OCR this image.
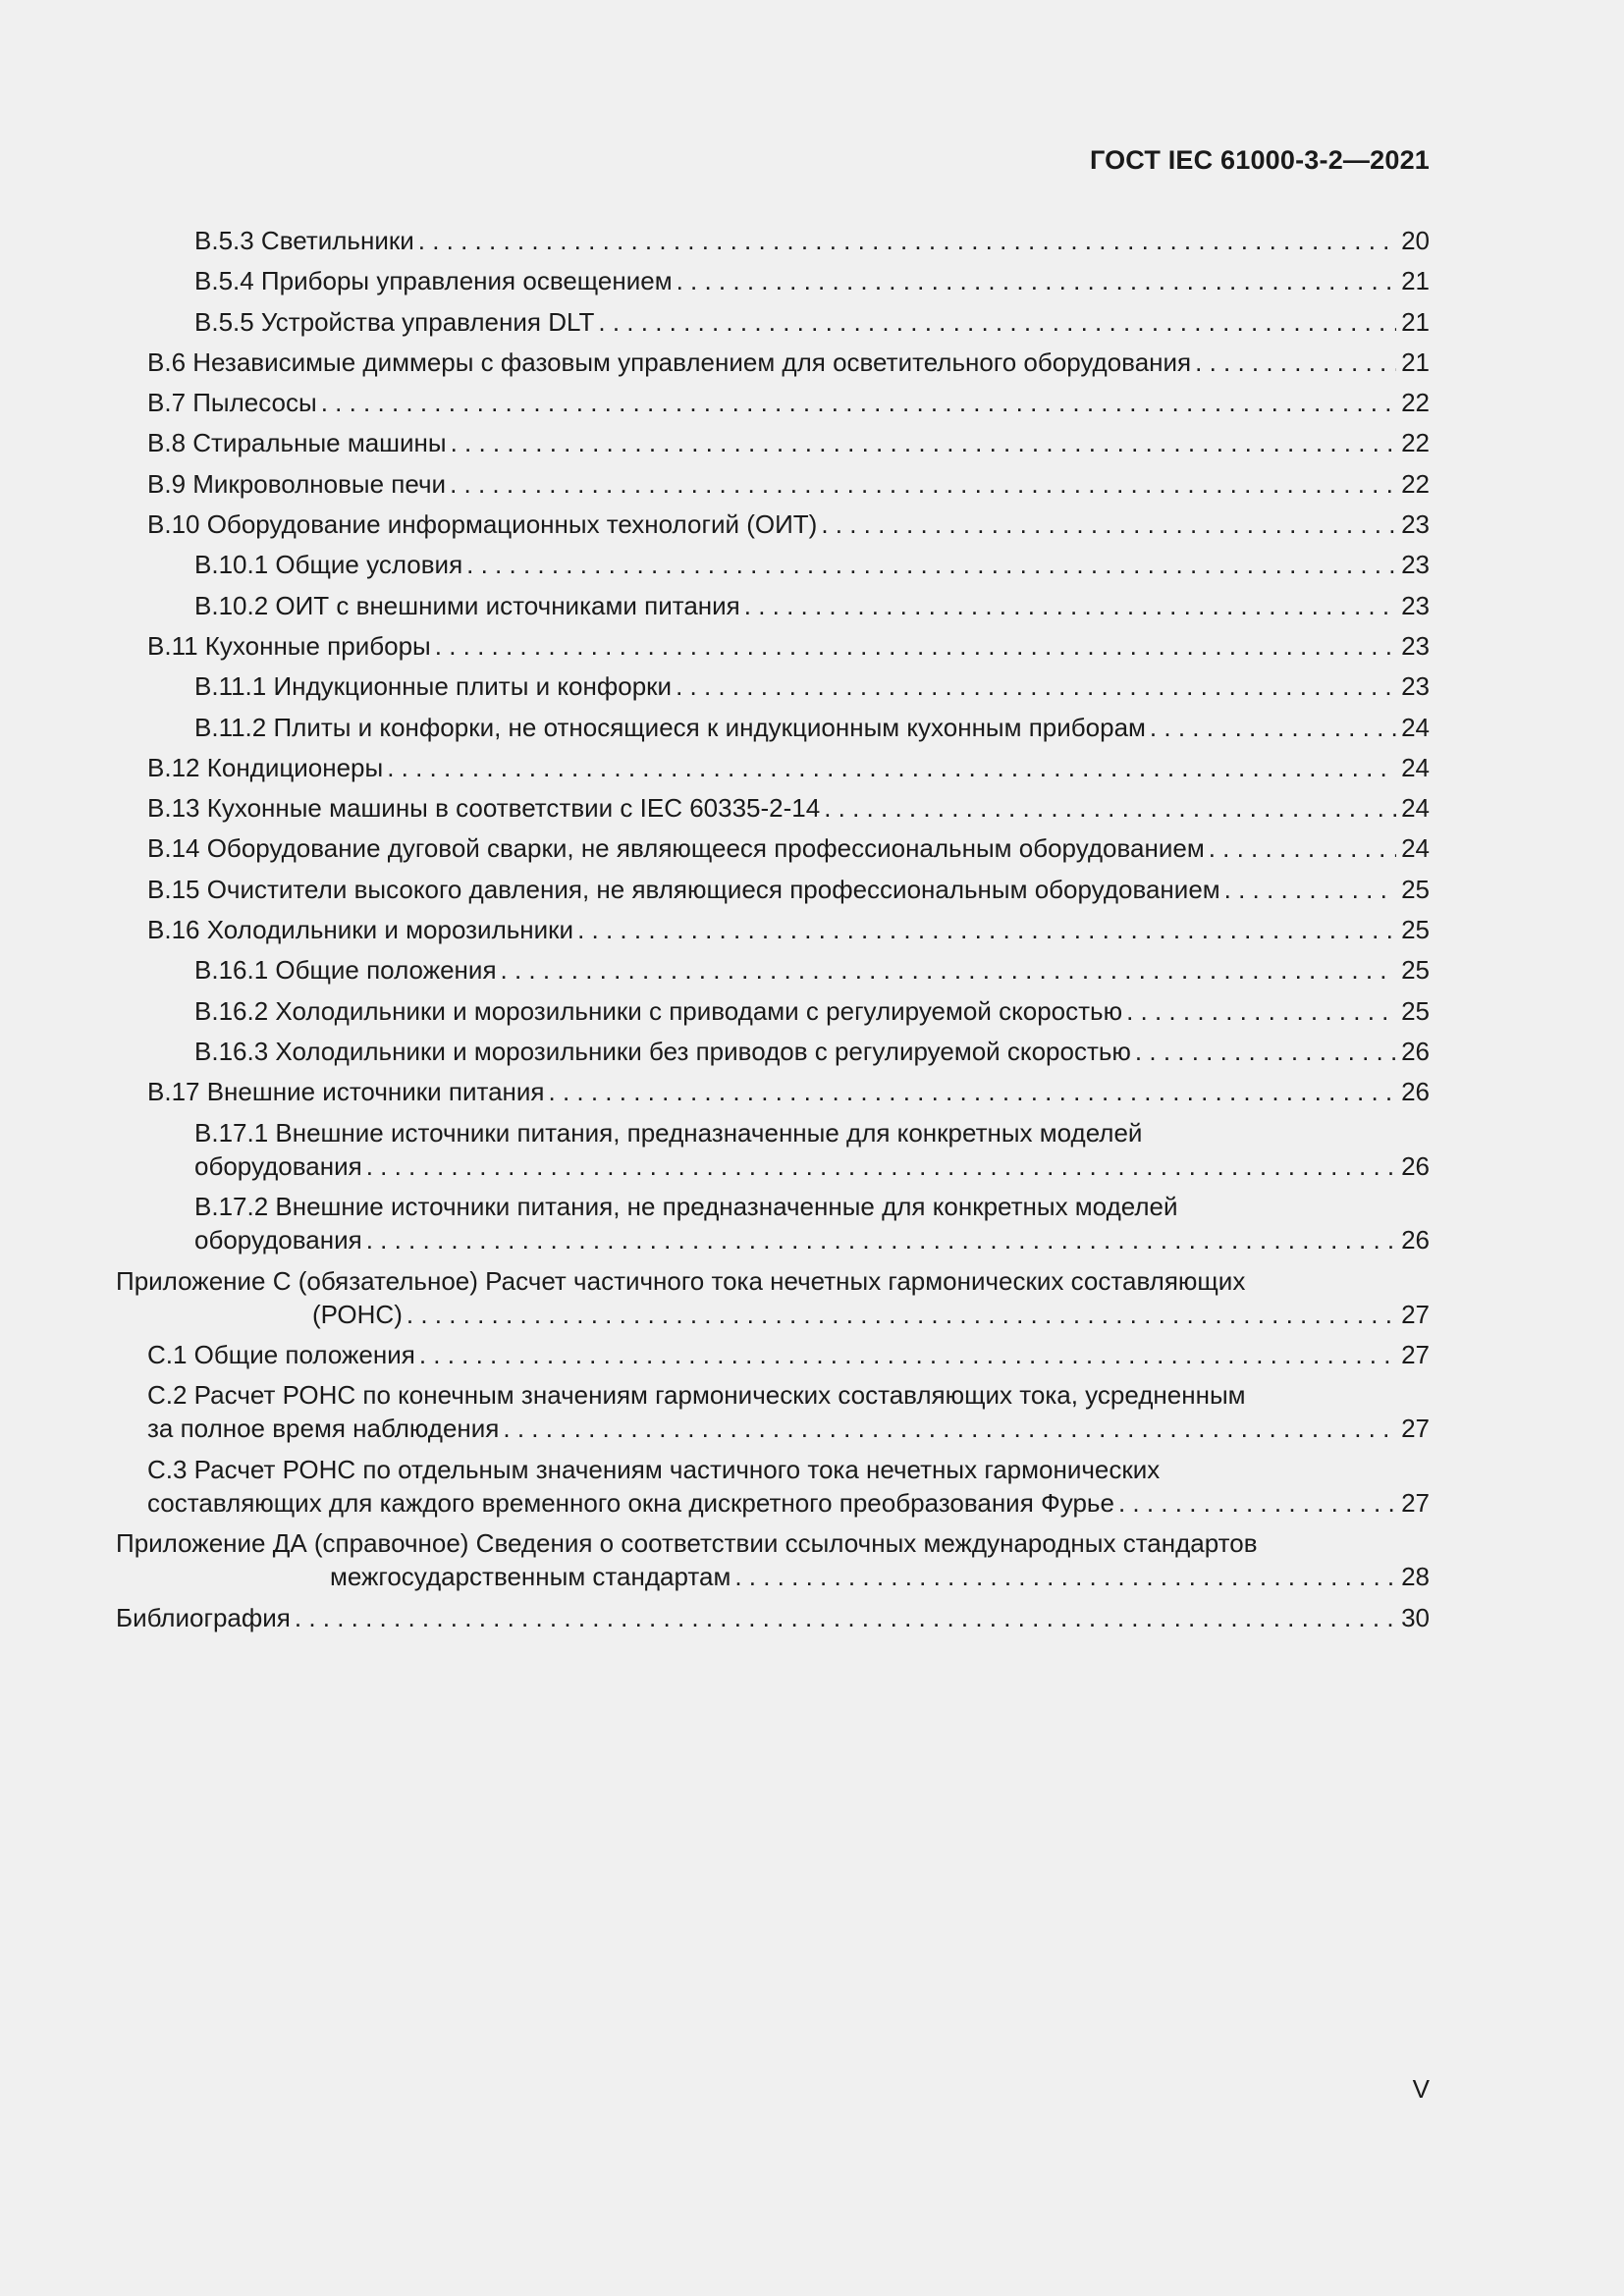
ГОСТ IEC 61000-3-2—2021
В.5.3 Светильники . . .	20
В.5.4 Приборы управления освещением . . .	21
В.5.5 Устройства управления DLT . . .	21
В.6 Независимые диммеры с фазовым управлением для осветительного оборудования . . .	21
В.7 Пылесосы . . .	22
В.8 Стиральные машины . . .	22
В.9 Микроволновые печи . . .	22
В.10 Оборудование информационных технологий (ОИТ) . . .	23
В.10.1 Общие условия . . .	23
В.10.2 ОИТ с внешними источниками питания . . .	23
В.11 Кухонные приборы . . .	23
В.11.1 Индукционные плиты и конфорки . . .	23
В.11.2 Плиты и конфорки, не относящиеся к индукционным кухонным приборам . . .	24
В.12 Кондиционеры . . .	24
В.13 Кухонные машины в соответствии с IEC 60335-2-14 . . .	24
В.14 Оборудование дуговой сварки, не являющееся профессиональным оборудованием . . .	24
В.15 Очистители высокого давления, не являющиеся профессиональным оборудованием . . .	25
В.16 Холодильники и морозильники . . .	25
В.16.1 Общие положения . . .	25
В.16.2 Холодильники и морозильники с приводами с регулируемой скоростью . . .	25
В.16.3 Холодильники и морозильники без приводов с регулируемой скоростью . . .	26
В.17 Внешние источники питания . . .	26
В.17.1 Внешние источники питания, предназначенные для конкретных моделей
оборудования . . .	26
В.17.2 Внешние источники питания, не предназначенные для конкретных моделей
оборудования . . .	26
Приложение С (обязательное) Расчет частичного тока нечетных гармонических составляющих
(РОНС) . . .	27
С.1 Общие положения . . .	27
С.2 Расчет РОНС по конечным значениям гармонических составляющих тока, усредненным
за полное время наблюдения . . .	27
С.3 Расчет РОНС по отдельным значениям частичного тока нечетных гармонических
составляющих для каждого временного окна дискретного преобразования Фурье . . .	27
Приложение ДА (справочное) Сведения о соответствии ссылочных международных стандартов
межгосударственным стандартам . . .	28
Библиография . . .	30
V
